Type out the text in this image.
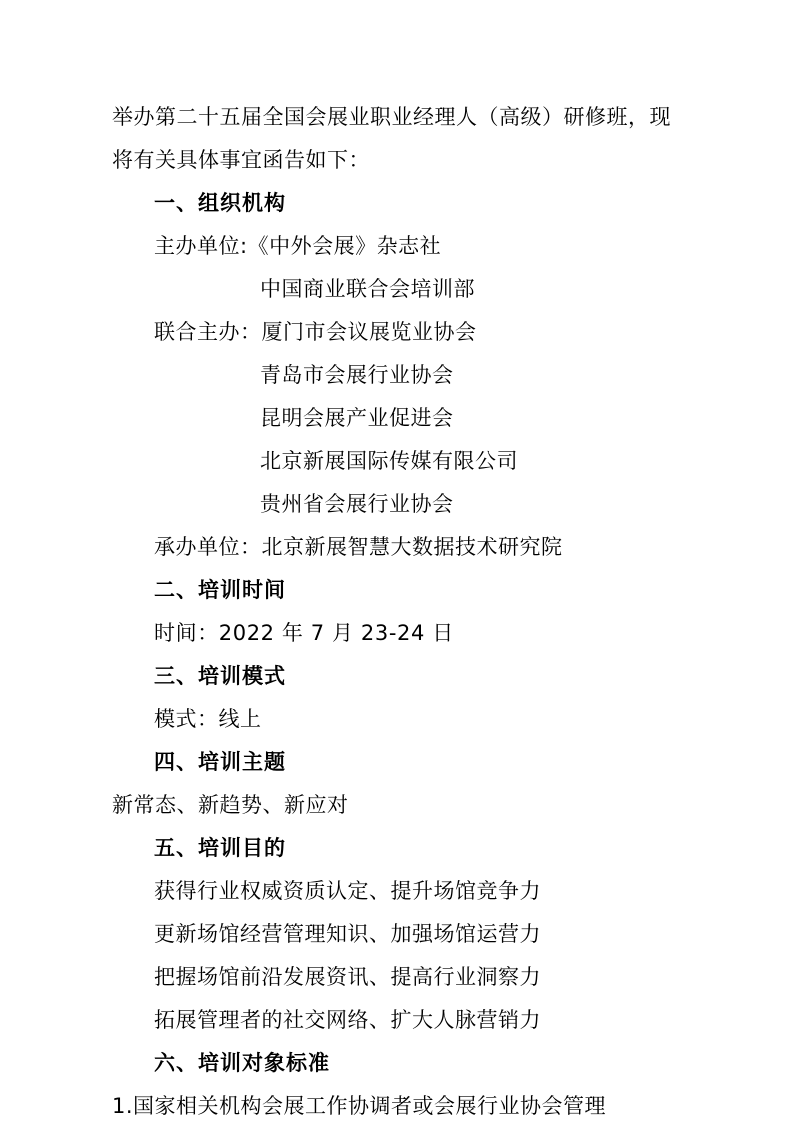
举办第二十五届全国会展业职业经理人（高级）研修班，现

将有关具体事宜函告如下：

一、组织机构

主办单位:《中外会展》杂志社

中国商业联合会培训部

联合主办：厦门市会议展览业协会

青岛市会展行业协会

昆明会展产业促进会

北京新展国际传媒有限公司

贵州省会展行业协会

承办单位：北京新展智慧大数据技术研究院

二、培训时间

时间：2022 年 7 月 23-24 日

三、培训模式

模式：线上

四、培训主题

新常态、新趋势、新应对

五、培训目的

获得行业权威资质认定、提升场馆竞争力

更新场馆经营管理知识、加强场馆运营力

把握场馆前沿发展资讯、提高行业洞察力

拓展管理者的社交网络、扩大人脉营销力

六、培训对象标准

1.国家相关机构会展工作协调者或会展行业协会管理
